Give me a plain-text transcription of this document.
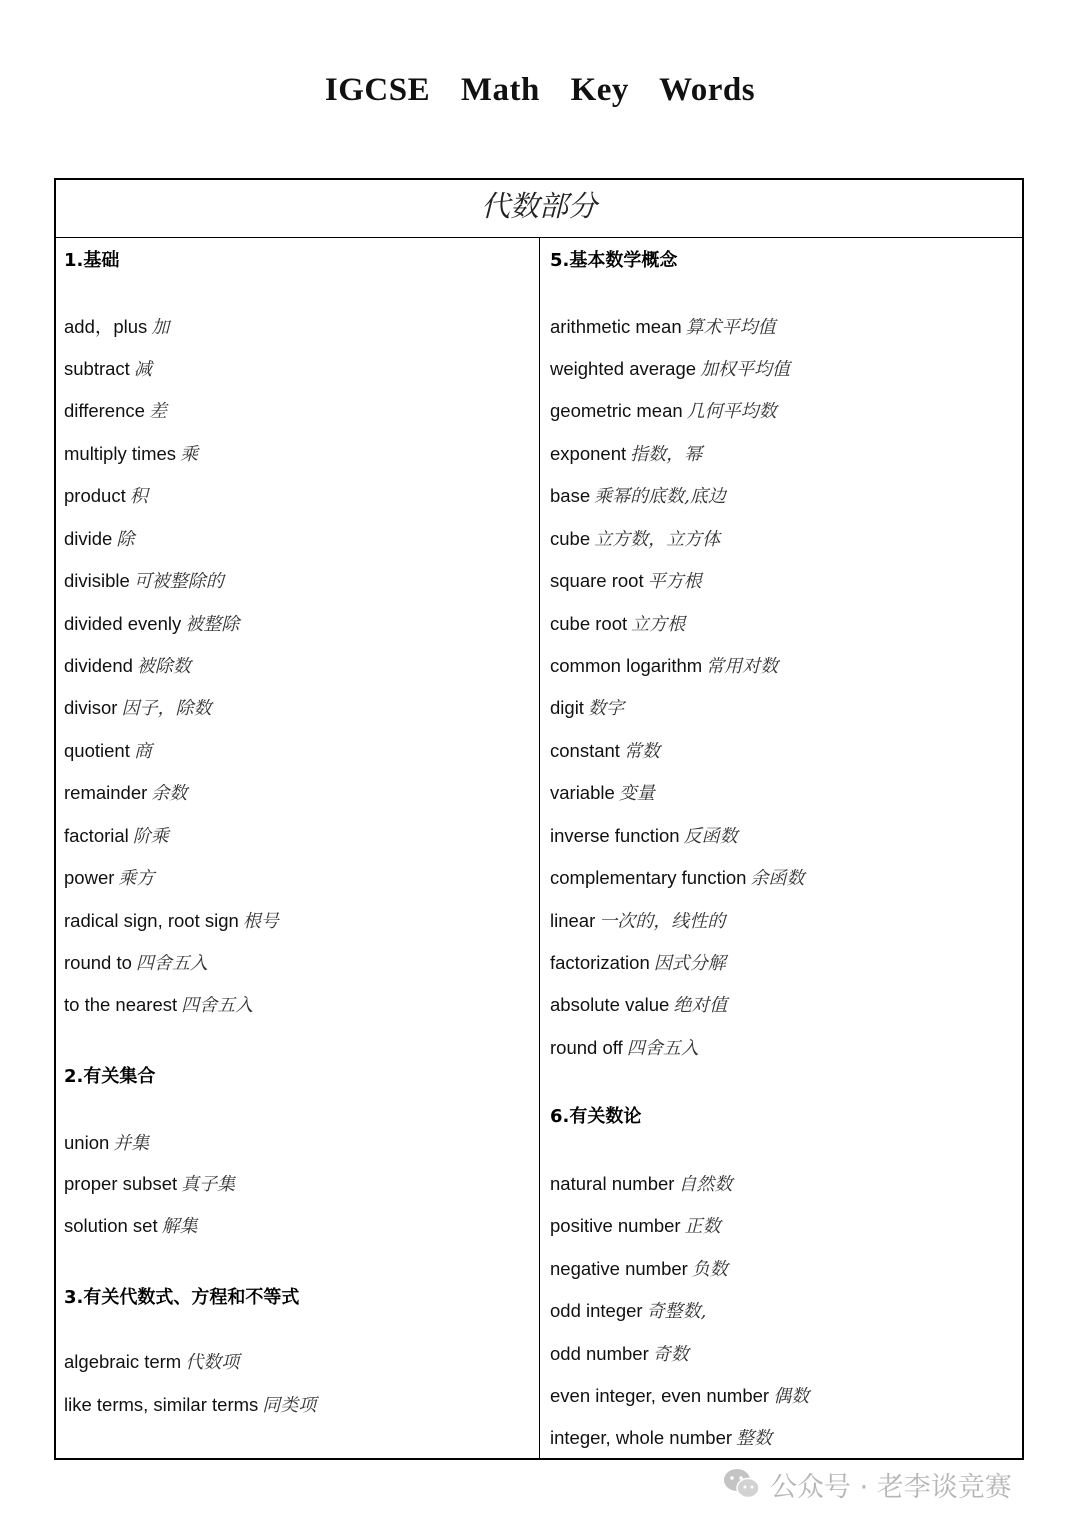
IGCSE Math Key Words
代数部分
1.基础
add，plus 加
subtract 减
difference 差
multiply times 乘
product 积
divide 除
divisible 可被整除的
divided evenly 被整除
dividend 被除数
divisor 因子，除数
quotient 商
remainder 余数
factorial 阶乘
power 乘方
radical sign, root sign 根号
round to 四舍五入
to the nearest 四舍五入
2.有关集合
union 并集
proper subset 真子集
solution set 解集
3.有关代数式、方程和不等式
algebraic term 代数项
like terms, similar terms 同类项
5.基本数学概念
arithmetic mean 算术平均值
weighted average 加权平均值
geometric mean 几何平均数
exponent 指数，幂
base 乘幂的底数,底边
cube 立方数，立方体
square root 平方根
cube root 立方根
common logarithm 常用对数
digit 数字
constant 常数
variable 变量
inverse function 反函数
complementary function 余函数
linear 一次的，线性的
factorization 因式分解
absolute value 绝对值
round off 四舍五入
6.有关数论
natural number 自然数
positive number 正数
negative number 负数
odd integer 奇整数,
odd number 奇数
even integer, even number 偶数
integer, whole number 整数
公众号 · 老李谈竞赛
